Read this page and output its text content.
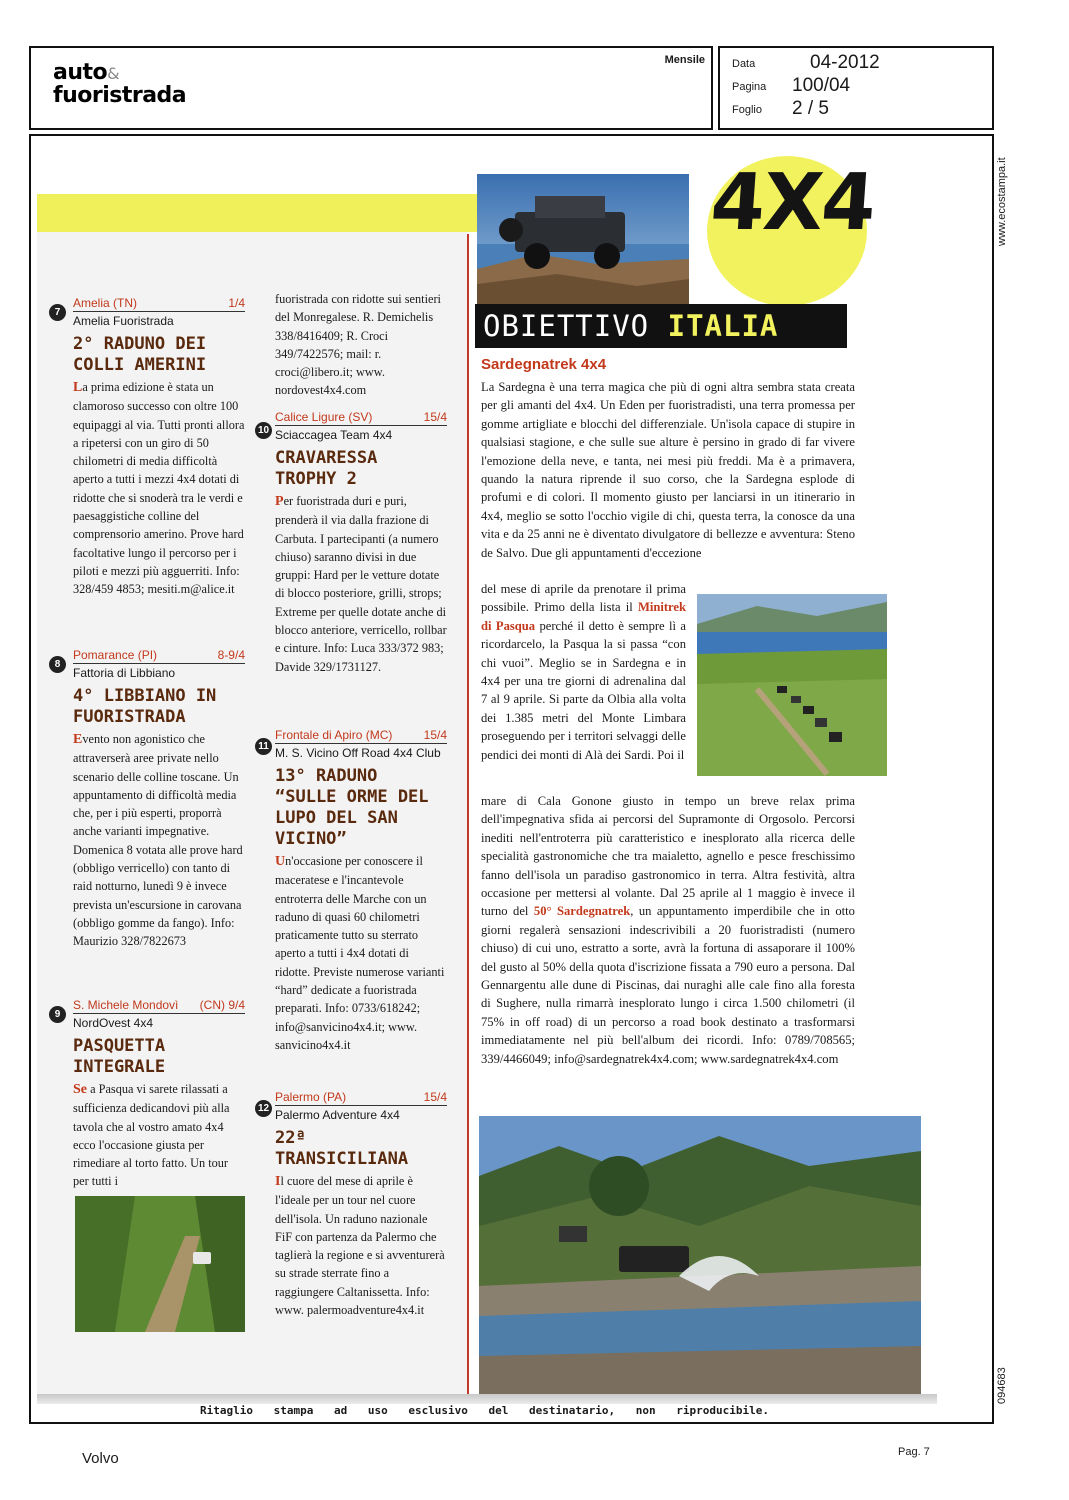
auto&
fuoristrada
Mensile Data	04-2012
Pagina	100/04
Foglio	2 / 5
www.ecostampa.it
094683
4X4
OBIETTIVO ITALIA
Sardegnatrek 4x4
La Sardegna è una terra magica che più di ogni altra sembra stata creata per gli amanti del 4x4. Un Eden per fuoristradisti, una terra promessa per gomme artigliate e blocchi del differenziale. Un'isola capace di stupire in qualsiasi stagione, e che sulle sue alture è persino in grado di far vivere l'emozione della neve, e tanta, nei mesi più freddi. Ma è a primavera, quando la natura riprende il suo corso, che la Sardegna esplode di profumi e di colori. Il momento giusto per lanciarsi in un itinerario in 4x4, meglio se sotto l'occhio vigile di chi, questa terra, la conosce da una vita e da 25 anni ne è diventato divulgatore di bellezze e avventura: Steno de Salvo. Due gli appuntamenti d'eccezione
del mese di aprile da prenotare il prima possibile. Primo della lista il Minitrek di Pasqua perché il detto è sempre lì a ricordarcelo, la Pasqua la si passa “con chi vuoi”. Meglio se in Sardegna e in 4x4 per una tre giorni di adrenalina dal 7 al 9 aprile. Si parte da Olbia alla volta dei 1.385 metri del Monte Limbara proseguendo per i territori selvaggi delle pendici dei monti di Alà dei Sardi. Poi il
mare di Cala Gonone giusto in tempo un breve relax prima dell'impegnativa sfida ai percorsi del Supramonte di Orgosolo. Percorsi inediti nell'entroterra più caratteristico e inesplorato alla ricerca delle specialità gastronomiche che tra maialetto, agnello e pesce freschissimo fanno dell'isola un paradiso gastronomico in terra. Altra festività, altra occasione per mettersi al volante. Dal 25 aprile al 1 maggio è invece il turno del 50° Sardegnatrek, un appuntamento imperdibile che in otto giorni regalerà sensazioni indescrivibili a 20 fuoristradisti (numero chiuso) di cui uno, estratto a sorte, avrà la fortuna di assaporare il 100% del gusto al 50% della quota d'iscrizione fissata a 790 euro a persona. Dal Gennargentu alle dune di Piscinas, dai nuraghi alle cale fino alla foresta di Sughere, nulla rimarrà inesplorato lungo i circa 1.500 chilometri (il 75% in off road) di un percorso a road book destinato a trasformarsi immediatamente nel più bell'album dei ricordi. Info: 0789/708565; 339/4466049; info@sardegnatrek4x4.com; www.sardegnatrek4x4.com
7
Amelia (TN)	1/4
Amelia Fuoristrada
2° RADUNO DEI COLLI AMERINI
La prima edizione è stata un clamoroso successo con oltre 100 equipaggi al via. Tutti pronti allora a ripetersi con un giro di 50 chilometri di media difficoltà aperto a tutti i mezzi 4x4 dotati di ridotte che si snoderà tra le verdi e paesaggistiche colline del comprensorio amerino. Prove hard facoltative lungo il percorso per i piloti e mezzi più agguerriti. Info: 328/459 4853; mesiti.m@alice.it
8
Pomarance (PI)	8-9/4
Fattoria di Libbiano
4° LIBBIANO IN FUORISTRADA
Evento non agonistico che attraverserà aree private nello scenario delle colline toscane. Un appuntamento di difficoltà media che, per i più esperti, proporrà anche varianti impegnative. Domenica 8 votata alle prove hard (obbligo verricello) con tanto di raid notturno, lunedì 9 è invece prevista un'escursione in carovana (obbligo gomme da fango). Info: Maurizio 328/7822673
9
S. Michele Mondovì (CN) 9/4
NordOvest 4x4
PASQUETTA INTEGRALE
Se a Pasqua vi sarete rilassati a sufficienza dedicandovi più alla tavola che al vostro amato 4x4 ecco l'occasione giusta per rimediare al torto fatto. Un tour per tutti i
fuoristrada con ridotte sui sentieri del Monregalese. R. Demichelis 338/8416409; R. Croci 349/7422576; mail: r. croci@libero.it; www. nordovest4x4.com
10
Calice Ligure (SV)	15/4
Sciaccagea Team 4x4
CRAVARESSA TROPHY 2
Per fuoristrada duri e puri, prenderà il via dalla frazione di Carbuta. I partecipanti (a numero chiuso) saranno divisi in due gruppi: Hard per le vetture dotate di blocco posteriore, grilli, strops; Extreme per quelle dotate anche di blocco anteriore, verricello, rollbar e cinture. Info: Luca 333/372 983; Davide 329/1731127.
11
Frontale di Apiro (MC)	15/4
M. S. Vicino Off Road 4x4 Club
13° RADUNO “SULLE ORME DEL LUPO DEL SAN VICINO”
Un'occasione per conoscere il maceratese e l'incantevole entroterra delle Marche con un raduno di quasi 60 chilometri praticamente tutto su sterrato aperto a tutti i 4x4 dotati di ridotte. Previste numerose varianti “hard” dedicate a fuoristrada preparati. Info: 0733/618242; info@sanvicino4x4.it; www. sanvicino4x4.it
12
Palermo (PA)	15/4
Palermo Adventure 4x4
22ª TRANSICILIANA
Il cuore del mese di aprile è l'ideale per un tour nel cuore dell'isola. Un raduno nazionale FiF con partenza da Palermo che taglierà la regione e si avventurerà su strade sterrate fino a raggiungere Caltanissetta. Info: www. palermoadventure4x4.it
Ritaglio stampa ad uso esclusivo del destinatario, non riproducibile.
Volvo	Pag. 7
